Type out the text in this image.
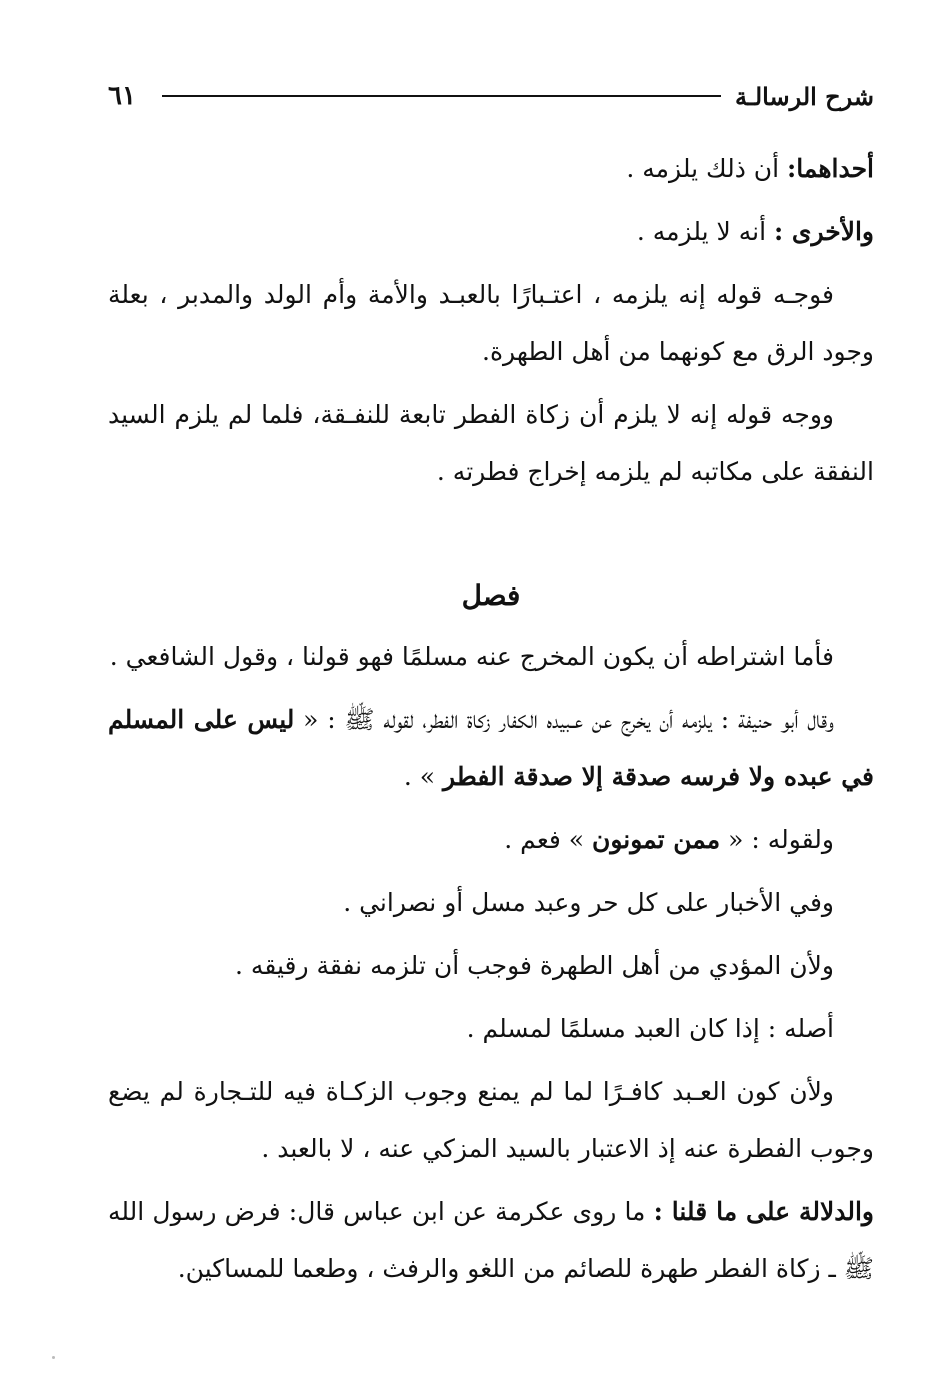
شرح الرسالـة
٦١

أحداهما: أن ذلك يلزمه .

والأخرى : أنه لا يلزمه .

فوجـه قوله إنه يلزمه ، اعتـبارًا بالعبـد والأمة وأم الولد والمدبر ، بعلة وجود الرق مع كونهما من أهل الطهرة.

ووجه قوله إنه لا يلزم أن زكاة الفطر تابعة للنفـقة، فلما لم يلزم السيد النفقة على مكاتبه لم يلزمه إخراج فطرته .

فصل

فأما اشتراطه أن يكون المخرج عنه مسلمًا فهو قولنا ، وقول الشافعي .

وقال أبو حنيفة : يلزمه أن يخرج عن عـبيده الكفار زكاة الفطر، لقوله ﷺ : « ليس على المسلم في عبده ولا فرسه صدقة إلا صدقة الفطر » .

ولقوله : « ممن تمونون » فعم .

وفي الأخبار على كل حر وعبد مسل أو نصراني .

ولأن المؤدي من أهل الطهرة فوجب أن تلزمه نفقة رقيقه .

أصله : إذا كان العبد مسلمًا لمسلم .

ولأن كون العـبد كافـرًا لما لم يمنع وجوب الزكـاة فيه للتـجارة لم يضع وجوب الفطرة عنه إذ الاعتبار بالسيد المزكي عنه ، لا بالعبد .

والدلالة على ما قلنا : ما روى عكرمة عن ابن عباس قال: فرض رسول الله ﷺ ـ زكاة الفطر طهرة للصائم من اللغو والرفث ، وطعما للمساكين.
